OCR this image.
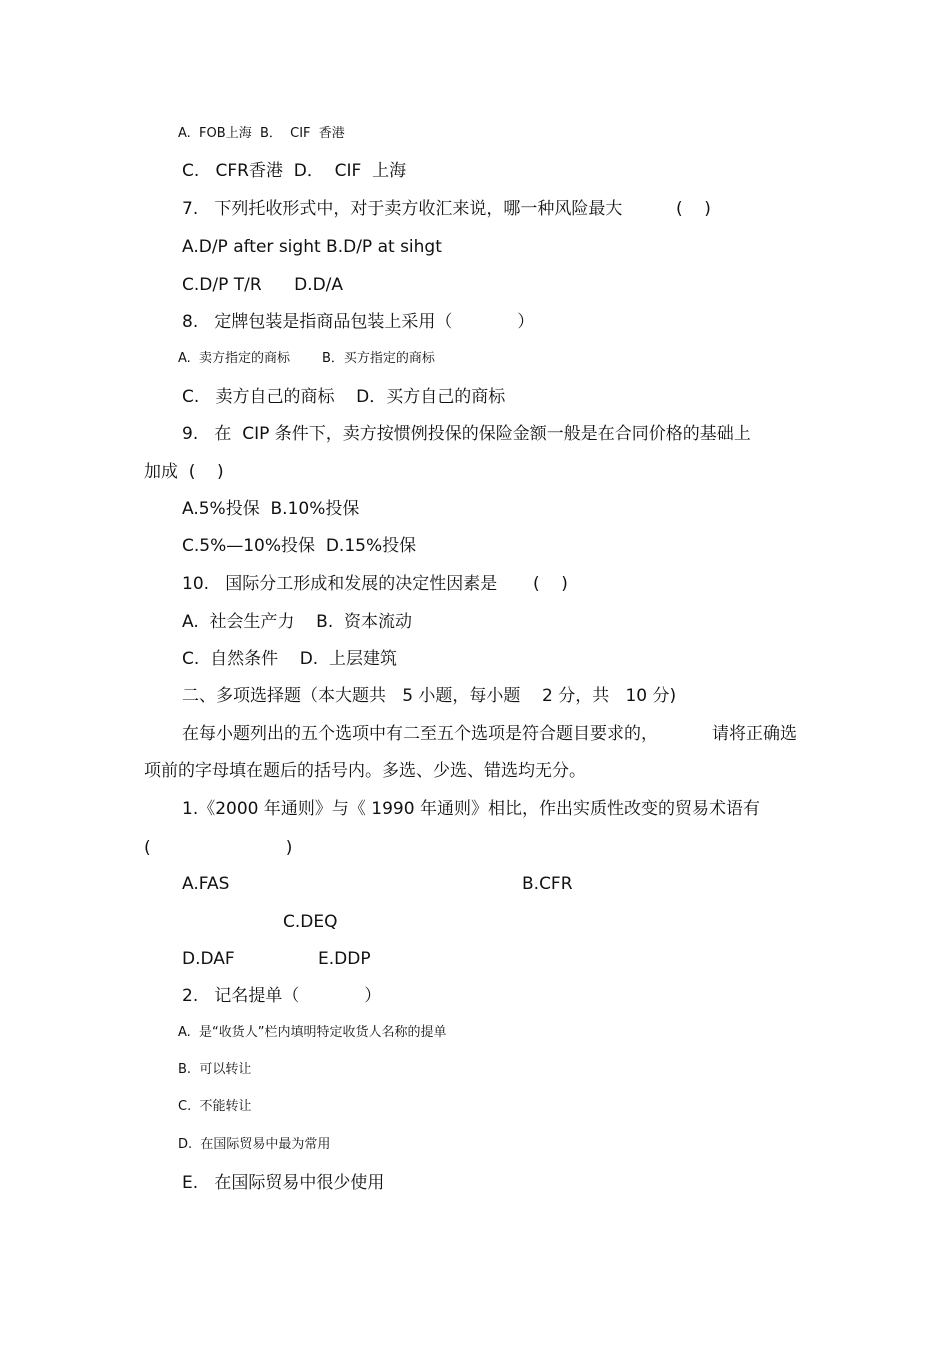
A.  FOB上海  B．  CIF  香港
C.   CFR香港  D．  CIF  上海
7.   下列托收形式中，对于卖方收汇来说，哪一种风险最大	(    )
A.D/P after sight B.D/P at sihgt
C.D/P T/R      D.D/A
8.   定牌包装是指商品包装上采用（            ）
A.  卖方指定的商标 B．买方指定的商标
C.   卖方自己的商标    D．买方自己的商标
9.   在  CIP 条件下，卖方按惯例投保的保险金额一般是在合同价格的基础上
加成  (    )
A.5%投保  B.10%投保
C.5%—10%投保  D.15%投保
10.   国际分工形成和发展的决定性因素是 (    )
A.  社会生产力    B.  资本流动
C.  自然条件    D.  上层建筑
二、多项选择题（本大题共   5 小题，每小题    2 分，共   10 分)
在每小题列出的五个选项中有二至五个选项是符合题目要求的，	请将正确选
项前的字母填在题后的括号内。多选、少选、错选均无分。
1.《2000 年通则》与《 1990 年通则》相比，作出实质性改变的贸易术语有
(                         )
A.FAS	B.CFR
C.DEQ
D.DAF	E.DDP
2.   记名提单（            ）
A.  是“收货人”栏内填明特定收货人名称的提单
B.  可以转让
C.  不能转让
D.  在国际贸易中最为常用
E.   在国际贸易中很少使用
